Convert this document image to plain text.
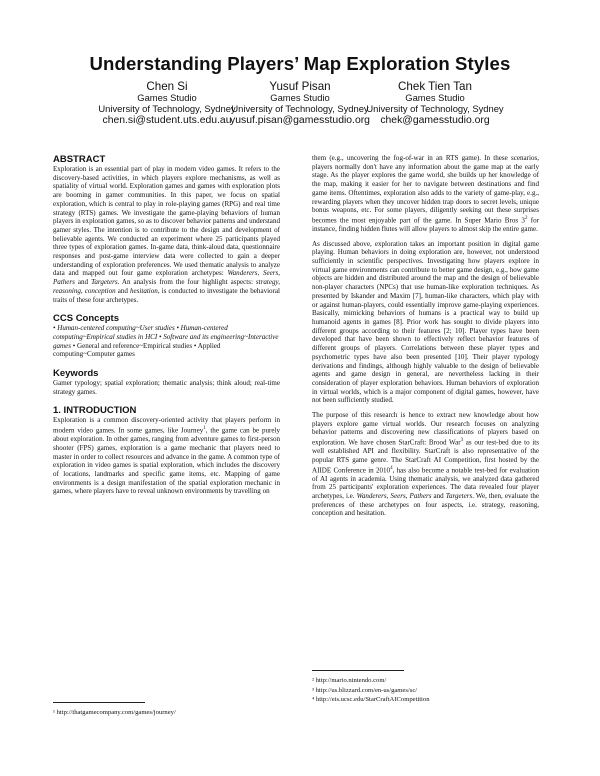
Understanding Players’ Map Exploration Styles
Chen Si
Games Studio
University of Technology, Sydney
chen.si@student.uts.edu.au
Yusuf Pisan
Games Studio
University of Technology, Sydney
yusuf.pisan@gamesstudio.org
Chek Tien Tan
Games Studio
University of Technology, Sydney
chek@gamesstudio.org
ABSTRACT

Exploration is an essential part of play in modern video games. It refers to the discovery-based activities, in which players explore mechanisms, as well as spatiality of virtual world. Exploration games and games with exploration plots are booming in gamer communities. In this paper, we focus on spatial exploration, which is central to play in role-playing games (RPG) and real time strategy (RTS) games. We investigate the game-playing behaviors of human players in exploration games, so as to discover behavior patterns and understand gamer styles. The intention is to contribute to the design and development of believable agents. We conducted an experiment where 25 participants played three types of exploration games. In-game data, think-aloud data, questionnaire responses and post-game interview data were collected to gain a deeper understanding of exploration preferences. We used thematic analysis to analyze data and mapped out four game exploration archetypes: Wanderers, Seers, Pathers and Targeters. An analysis from the four highlight aspects: strategy, reasoning, conception and hesitation, is conducted to investigate the behavioral traits of these four archetypes.

CCS Concepts

• Human-centered computing~User studies • Human-centered computing~Empirical studies in HCI • Software and its engineering~Interactive games • General and reference~Empirical studies • Applied computing~Computer games

Keywords

Gamer typology; spatial exploration; thematic analysis; think aloud; real-time strategy games.

1. INTRODUCTION

Exploration is a common discovery-oriented activity that players perform in modern video games. In some games, like Journey$^1$, the game can be purely about exploration. In other games, ranging from adventure games to first-person shooter (FPS) games, exploration is a game mechanic that players need to master in order to collect resources and advance in the game. A common type of exploration in video games is spatial exploration, which includes the discovery of locations, landmarks and specific game items, etc. Mapping of game environments is a design manifestation of the spatial exploration mechanic in games, where players have to reveal unknown environments by travelling on

them (e.g., uncovering the fog-of-war in an RTS game). In these scenarios, players normally don't have any information about the game map at the early stage. As the player explores the game world, she builds up her knowledge of the map, making it easier for her to navigate between destinations and find game items. Oftentimes, exploration also adds to the variety of game-play, e.g., rewarding players when they uncover hidden trap doors to secret levels, unique bonus weapons, etc. For some players, diligently seeking out these surprises becomes the most enjoyable part of the game. In Super Mario Bros $3^2$ for instance, finding hidden flutes will allow players to almost skip the entire game.

As discussed above, exploration takes an important position in digital game playing. Human behaviors in doing exploration are, however, not understood sufficiently in scientific perspectives. Investigating how players explore in virtual game environments can contribute to better game design, e.g., how game objects are hidden and distributed around the map and the design of believable non-player characters (NPCs) that use human-like exploration techniques. As presented by Iskander and Maxim [7], human-like characters, which play with or against human-players, could essentially improve game-playing experiences. Basically, mimicking behaviors of humans is a practical way to build up humanoid agents in games [8]. Prior work has sought to divide players into different groups according to their features [2; 10]. Player types have been developed that have been shown to effectively reflect behavior features of different groups of players. Correlations between these player types and psychometric types have also been presented [10]. Their player typology derivations and findings, although highly valuable to the design of believable agents and game design in general, are nevertheless lacking in their consideration of player exploration behaviors. Human behaviors of exploration in virtual worlds, which is a major component of digital games, however, have not been sufficiently studied.

The purpose of this research is hence to extract new knowledge about how players explore game virtual worlds. Our research focuses on analyzing behavior patterns and discovering new classifications of players based on exploration. We have chosen StarCraft: Brood War$^3$ as our test-bed due to its well established API and flexibility. StarCraft is also representative of the popular RTS game genre. The StarCraft AI Competition, first hosted by the AIIDE Conference in 2010$^4$, has also become a notable test-bed for evaluation of AI agents in academia. Using thematic analysis, we analyzed data gathered from 25 participants' exploration experiences. The data revealed four player archetypes, i.e. Wanderers, Seers, Pathers and Targeters. We, then, evaluate the preferences of these archetypes on four aspects, i.e. strategy, reasoning, conception and hesitation.

¹ http://thatgamecompany.com/games/journey/
² http://mario.nintendo.com/
³ http://us.blizzard.com/en-us/games/sc/
⁴ http://eis.ucsc.edu/StarCraftAICompetition
